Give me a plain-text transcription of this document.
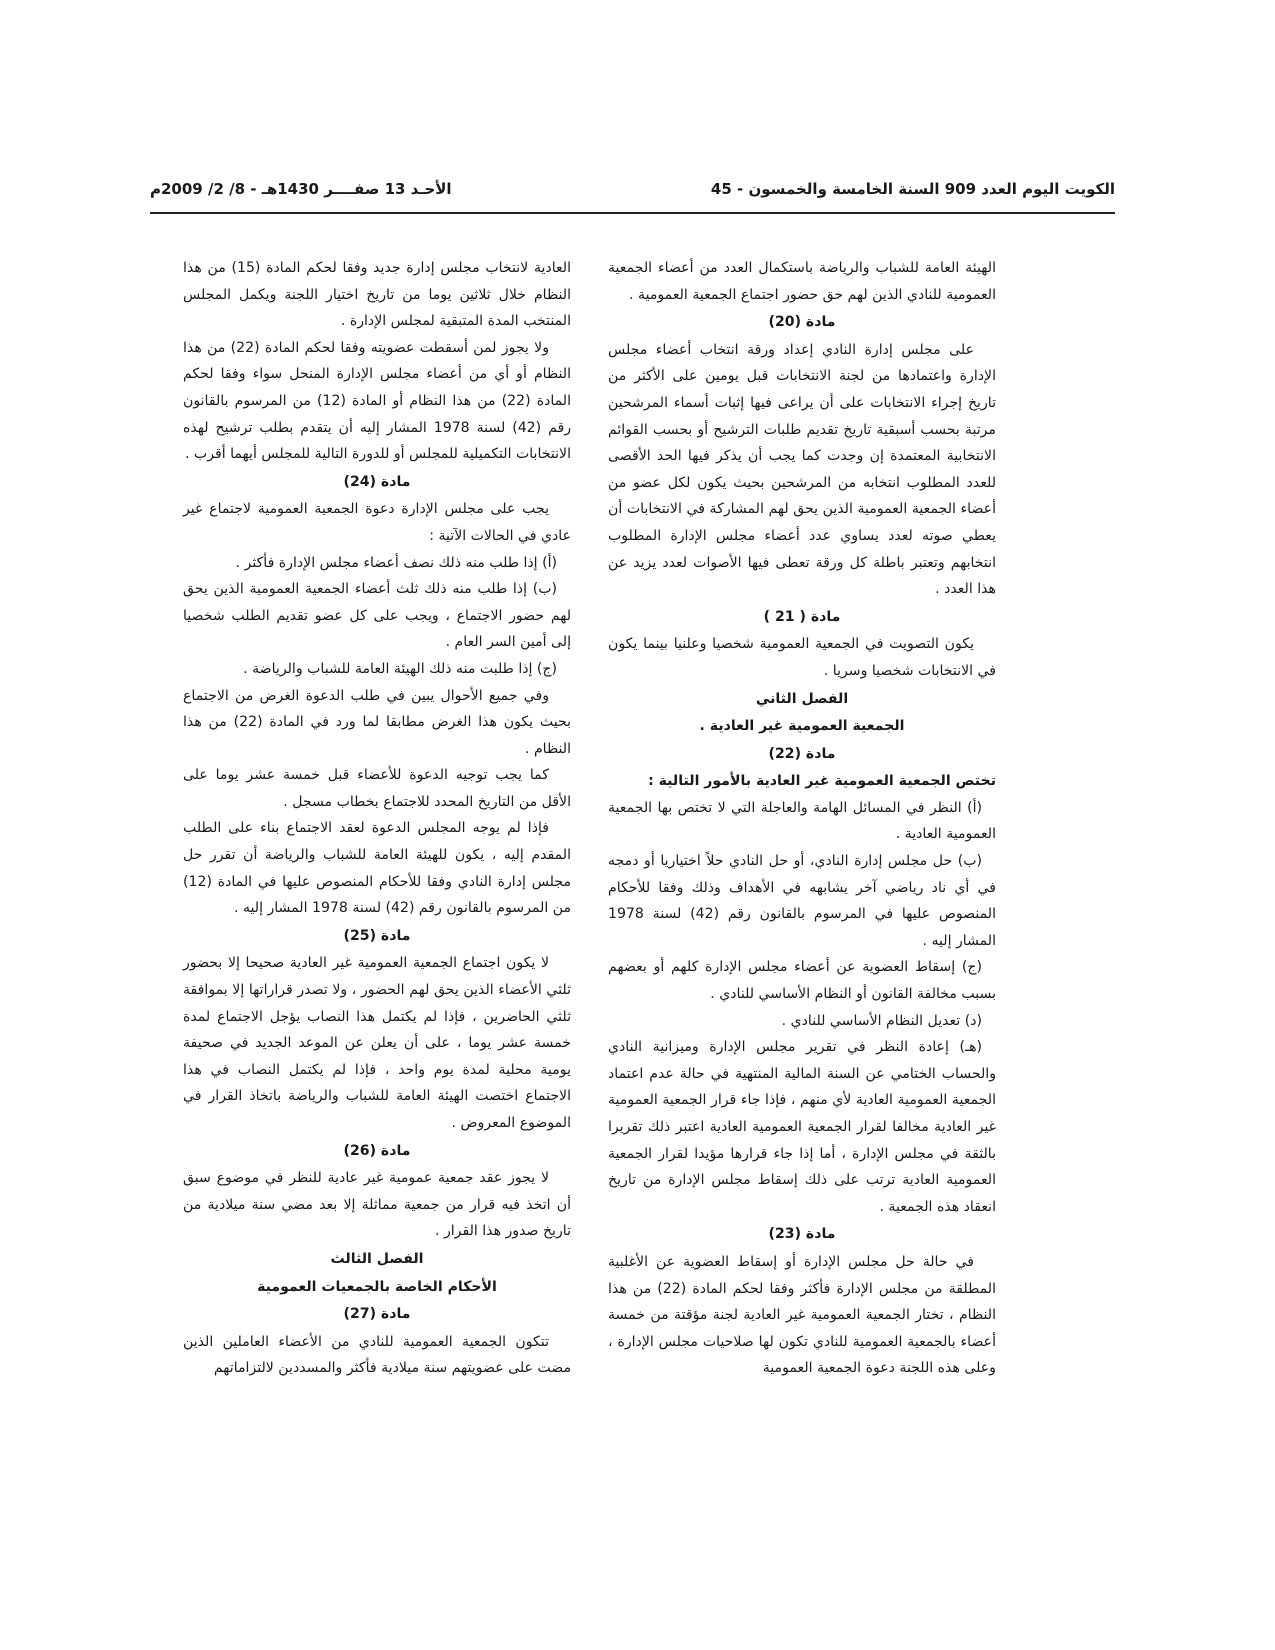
الكويت اليوم العدد 909 السنة الخامسة والخمسون - 45
الأحـد 13 صفــــر 1430هـ - 8/ 2/ 2009م

الهيئة العامة للشباب والرياضة باستكمال العدد من أعضاء الجمعية العمومية للنادي الذين لهم حق حضور اجتماع الجمعية العمومية .

مادة (20)

على مجلس إدارة النادي إعداد ورقة انتخاب أعضاء مجلس الإدارة واعتمادها من لجنة الانتخابات قبل يومين على الأكثر من تاريخ إجراء الانتخابات على أن يراعى فيها إثبات أسماء المرشحين مرتبة بحسب أسبقية تاريخ تقديم طلبات الترشيح أو بحسب القوائم الانتخابية المعتمدة إن وجدت كما يجب أن يذكر فيها الحد الأقصى للعدد المطلوب انتخابه من المرشحين بحيث يكون لكل عضو من أعضاء الجمعية العمومية الذين يحق لهم المشاركة في الانتخابات أن يعطي صوته لعدد يساوي عدد أعضاء مجلس الإدارة المطلوب انتخابهم وتعتبر باطلة كل ورقة تعطى فيها الأصوات لعدد يزيد عن هذا العدد .

مادة ( 21 )

يكون التصويت في الجمعية العمومية شخصيا وعلنيا بينما يكون في الانتخابات شخصيا وسريا .

الفصل الثاني

الجمعية العمومية غير العادية .

مادة (22)

تختص الجمعية العمومية غير العادية بالأمور التالية :

(أ) النظر في المسائل الهامة والعاجلة التي لا تختص بها الجمعية العمومية العادية .

(ب) حل مجلس إدارة النادي، أو حل النادي حلاً اختياريا أو دمجه في أي ناد رياضي آخر يشابهه في الأهداف وذلك وفقا للأحكام المنصوص عليها في المرسوم بالقانون رقم (42) لسنة 1978 المشار إليه .

(ج) إسقاط العضوية عن أعضاء مجلس الإدارة كلهم أو بعضهم بسبب مخالفة القانون أو النظام الأساسي للنادي .

(د) تعديل النظام الأساسي للنادي .

(هـ) إعادة النظر في تقرير مجلس الإدارة وميزانية النادي والحساب الختامي عن السنة المالية المنتهية في حالة عدم اعتماد الجمعية العمومية العادية لأي منهم ، فإذا جاء قرار الجمعية العمومية غير العادية مخالفا لقرار الجمعية العمومية العادية اعتبر ذلك تقريرا بالثقة في مجلس الإدارة ، أما إذا جاء قرارها مؤيدا لقرار الجمعية العمومية العادية ترتب على ذلك إسقاط مجلس الإدارة من تاريخ انعقاد هذه الجمعية .

مادة (23)

في حالة حل مجلس الإدارة أو إسقاط العضوية عن الأغلبية المطلقة من مجلس الإدارة فأكثر وفقا لحكم المادة (22) من هذا النظام ، تختار الجمعية العمومية غير العادية لجنة مؤقتة من خمسة أعضاء بالجمعية العمومية للنادي تكون لها صلاحيات مجلس الإدارة ، وعلى هذه اللجنة دعوة الجمعية العمومية

العادية لانتخاب مجلس إدارة جديد وفقا لحكم المادة (15) من هذا النظام خلال ثلاثين يوما من تاريخ اختيار اللجنة ويكمل المجلس المنتخب المدة المتبقية لمجلس الإدارة .

ولا يجوز لمن أسقطت عضويته وفقا لحكم المادة (22) من هذا النظام أو أي من أعضاء مجلس الإدارة المنحل سواء وفقا لحكم المادة (22) من هذا النظام أو المادة (12) من المرسوم بالقانون رقم (42) لسنة 1978 المشار إليه أن يتقدم بطلب ترشيح لهذه الانتخابات التكميلية للمجلس أو للدورة التالية للمجلس أيهما أقرب .

مادة (24)

يجب على مجلس الإدارة دعوة الجمعية العمومية لاجتماع غير عادي في الحالات الآتية :

(أ) إذا طلب منه ذلك نصف أعضاء مجلس الإدارة فأكثر .

(ب) إذا طلب منه ذلك ثلث أعضاء الجمعية العمومية الذين يحق لهم حضور الاجتماع ، ويجب على كل عضو تقديم الطلب شخصيا إلى أمين السر العام .

(ج) إذا طلبت منه ذلك الهيئة العامة للشباب والرياضة .

وفي جميع الأحوال يبين في طلب الدعوة الغرض من الاجتماع بحيث يكون هذا الغرض مطابقا لما ورد في المادة (22) من هذا النظام .

كما يجب توجيه الدعوة للأعضاء قبل خمسة عشر يوما على الأقل من التاريخ المحدد للاجتماع بخطاب مسجل .

فإذا لم يوجه المجلس الدعوة لعقد الاجتماع بناء على الطلب المقدم إليه ، يكون للهيئة العامة للشباب والرياضة أن تقرر حل مجلس إدارة النادي وفقا للأحكام المنصوص عليها في المادة (12) من المرسوم بالقانون رقم (42) لسنة 1978 المشار إليه .

مادة (25)

لا يكون اجتماع الجمعية العمومية غير العادية صحيحا إلا بحضور ثلثي الأعضاء الذين يحق لهم الحضور ، ولا تصدر قراراتها إلا بموافقة ثلثي الحاضرين ، فإذا لم يكتمل هذا النصاب يؤجل الاجتماع لمدة خمسة عشر يوما ، على أن يعلن عن الموعد الجديد في صحيفة يومية محلية لمدة يوم واحد ، فإذا لم يكتمل النصاب في هذا الاجتماع اختصت الهيئة العامة للشباب والرياضة باتخاذ القرار في الموضوع المعروض .

مادة (26)

لا يجوز عقد جمعية عمومية غير عادية للنظر في موضوع سبق أن اتخذ فيه قرار من جمعية مماثلة إلا بعد مضي سنة ميلادية من تاريخ صدور هذا القرار .

الفصل الثالث

الأحكام الخاصة بالجمعيات العمومية

مادة (27)

تتكون الجمعية العمومية للنادي من الأعضاء العاملين الذين مضت على عضويتهم سنة ميلادية فأكثر والمسددين لالتزاماتهم
